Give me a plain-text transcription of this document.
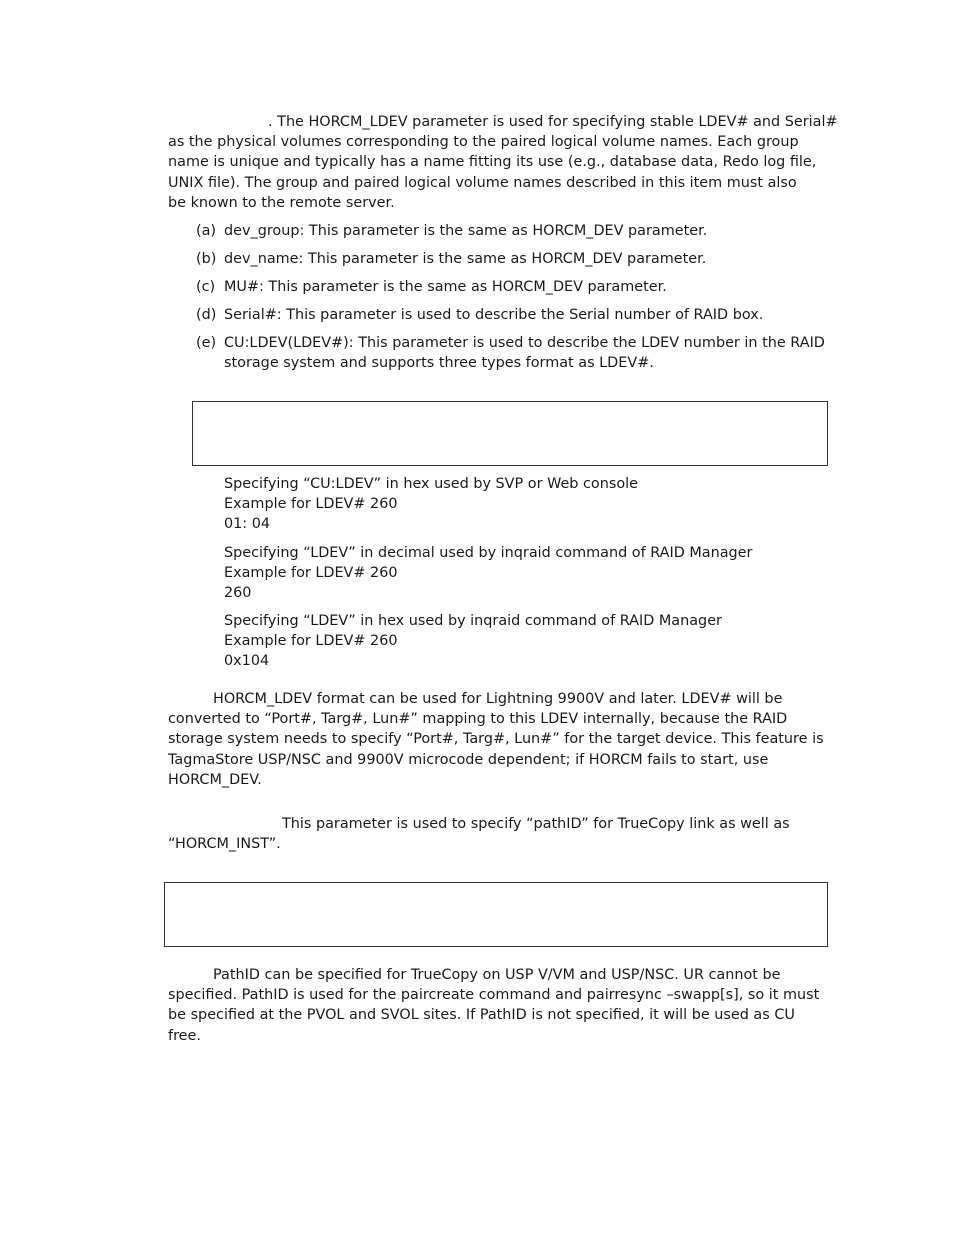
. The HORCM_LDEV parameter is used for specifying stable LDEV# and Serial#
as the physical volumes corresponding to the paired logical volume names. Each group name is unique and typically has a name fitting its use (e.g., database data, Redo log file, UNIX file). The group and paired logical volume names described in this item must also be known to the remote server.
(a) dev_group: This parameter is the same as HORCM_DEV parameter.
(b) dev_name: This parameter is the same as HORCM_DEV parameter.
(c) MU#: This parameter is the same as HORCM_DEV parameter.
(d) Serial#: This parameter is used to describe the Serial number of RAID box.
(e) CU:LDEV(LDEV#): This parameter is used to describe the LDEV number in the RAID
storage system and supports three types format as LDEV#.
Specifying “CU:LDEV” in hex used by SVP or Web console
Example for LDEV# 260
01: 04
Specifying “LDEV” in decimal used by inqraid command of RAID Manager
Example for LDEV# 260
260
Specifying “LDEV” in hex used by inqraid command of RAID Manager
Example for LDEV# 260
0x104
HORCM_LDEV format can be used for Lightning 9900V and later. LDEV# will be
converted to “Port#, Targ#, Lun#” mapping to this LDEV internally, because the RAID storage system needs to specify “Port#, Targ#, Lun#” for the target device. This feature is TagmaStore USP/NSC and 9900V microcode dependent; if HORCM fails to start, use HORCM_DEV.
This parameter is used to specify “pathID” for TrueCopy link as well as
“HORCM_INST”.
PathID can be specified for TrueCopy on USP V/VM and USP/NSC. UR cannot be
specified. PathID is used for the paircreate command and pairresync –swapp[s], so it must be specified at the PVOL and SVOL sites. If PathID is not specified, it will be used as CU free.
